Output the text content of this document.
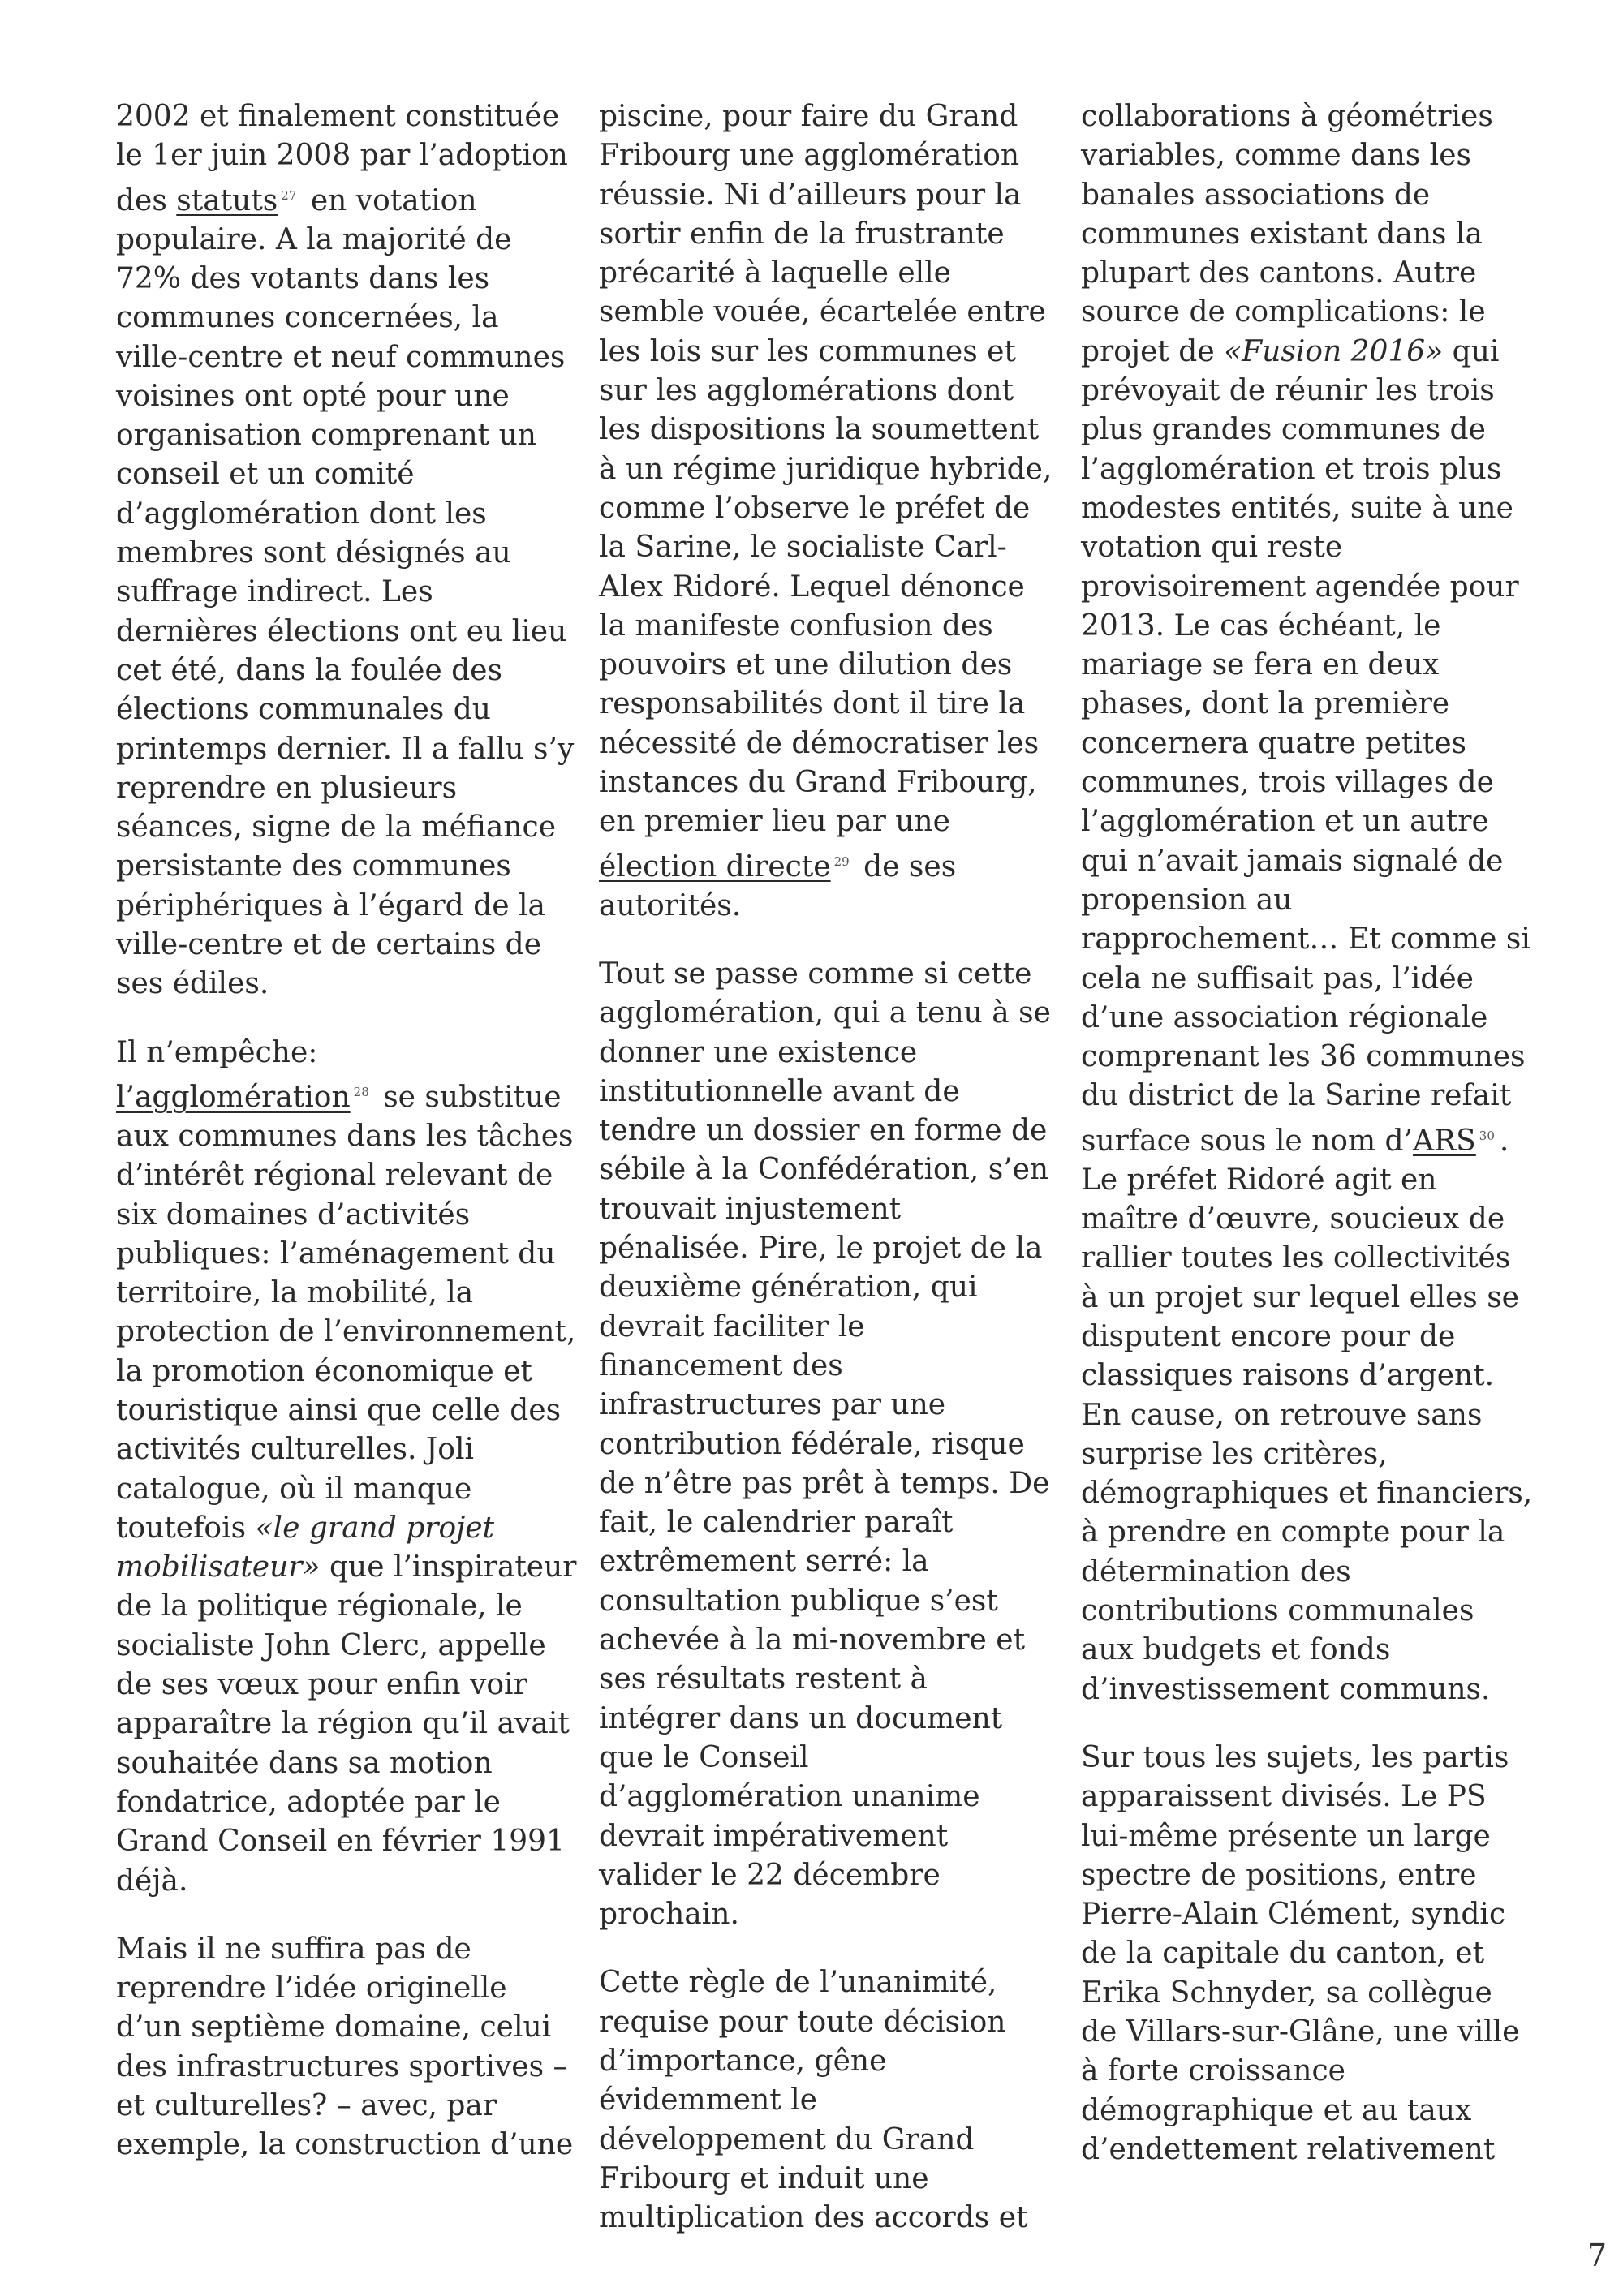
2002 et finalement constituée le 1er juin 2008 par l’adoption des statuts $^{27}$ en votation populaire. A la majorité de 72% des votants dans les communes concernées, la ville-centre et neuf communes voisines ont opté pour une organisation comprenant un conseil et un comité d’agglomération dont les membres sont désignés au suffrage indirect. Les dernières élections ont eu lieu cet été, dans la foulée des élections communales du printemps dernier. Il a fallu s’y reprendre en plusieurs séances, signe de la méfiance persistante des communes périphériques à l’égard de la ville-centre et de certains de ses édiles.

Il n’empêche: l’agglomération $^{28}$ se substitue aux communes dans les tâches d’intérêt régional relevant de six domaines d’activités publiques: l’aménagement du territoire, la mobilité, la protection de l’environnement, la promotion économique et touristique ainsi que celle des activités culturelles. Joli catalogue, où il manque toutefois «le grand projet mobilisateur» que l’inspirateur de la politique régionale, le socialiste John Clerc, appelle de ses vœux pour enfin voir apparaître la région qu’il avait souhaitée dans sa motion fondatrice, adoptée par le Grand Conseil en février 1991 déjà.

Mais il ne suffira pas de reprendre l’idée originelle d’un septième domaine, celui des infrastructures sportives – et culturelles? – avec, par exemple, la construction d’une

piscine, pour faire du Grand Fribourg une agglomération réussie. Ni d’ailleurs pour la sortir enfin de la frustrante précarité à laquelle elle semble vouée, écartelée entre les lois sur les communes et sur les agglomérations dont les dispositions la soumettent à un régime juridique hybride, comme l’observe le préfet de la Sarine, le socialiste Carl-Alex Ridoré. Lequel dénonce la manifeste confusion des pouvoirs et une dilution des responsabilités dont il tire la nécessité de démocratiser les instances du Grand Fribourg, en premier lieu par une élection directe $^{29}$ de ses autorités.

Tout se passe comme si cette agglomération, qui a tenu à se donner une existence institutionnelle avant de tendre un dossier en forme de sébile à la Confédération, s’en trouvait injustement pénalisée. Pire, le projet de la deuxième génération, qui devrait faciliter le financement des infrastructures par une contribution fédérale, risque de n’être pas prêt à temps. De fait, le calendrier paraît extrêmement serré: la consultation publique s’est achevée à la mi-novembre et ses résultats restent à intégrer dans un document que le Conseil d’agglomération unanime devrait impérativement valider le 22 décembre prochain.

Cette règle de l’unanimité, requise pour toute décision d’importance, gêne évidemment le développement du Grand Fribourg et induit une multiplication des accords et

collaborations à géométries variables, comme dans les banales associations de communes existant dans la plupart des cantons. Autre source de complications: le projet de «Fusion 2016» qui prévoyait de réunir les trois plus grandes communes de l’agglomération et trois plus modestes entités, suite à une votation qui reste provisoirement agendée pour 2013. Le cas échéant, le mariage se fera en deux phases, dont la première concernera quatre petites communes, trois villages de l’agglomération et un autre qui n’avait jamais signalé de propension au rapprochement… Et comme si cela ne suffisait pas, l’idée d’une association régionale comprenant les 36 communes du district de la Sarine refait surface sous le nom d’ARS $^{30}$ . Le préfet Ridoré agit en maître d’œuvre, soucieux de rallier toutes les collectivités à un projet sur lequel elles se disputent encore pour de classiques raisons d’argent. En cause, on retrouve sans surprise les critères, démographiques et financiers, à prendre en compte pour la détermination des contributions communales aux budgets et fonds d’investissement communs.

Sur tous les sujets, les partis apparaissent divisés. Le PS lui-même présente un large spectre de positions, entre Pierre-Alain Clément, syndic de la capitale du canton, et Erika Schnyder, sa collègue de Villars-sur-Glâne, une ville à forte croissance démographique et au taux d’endettement relativement

7
